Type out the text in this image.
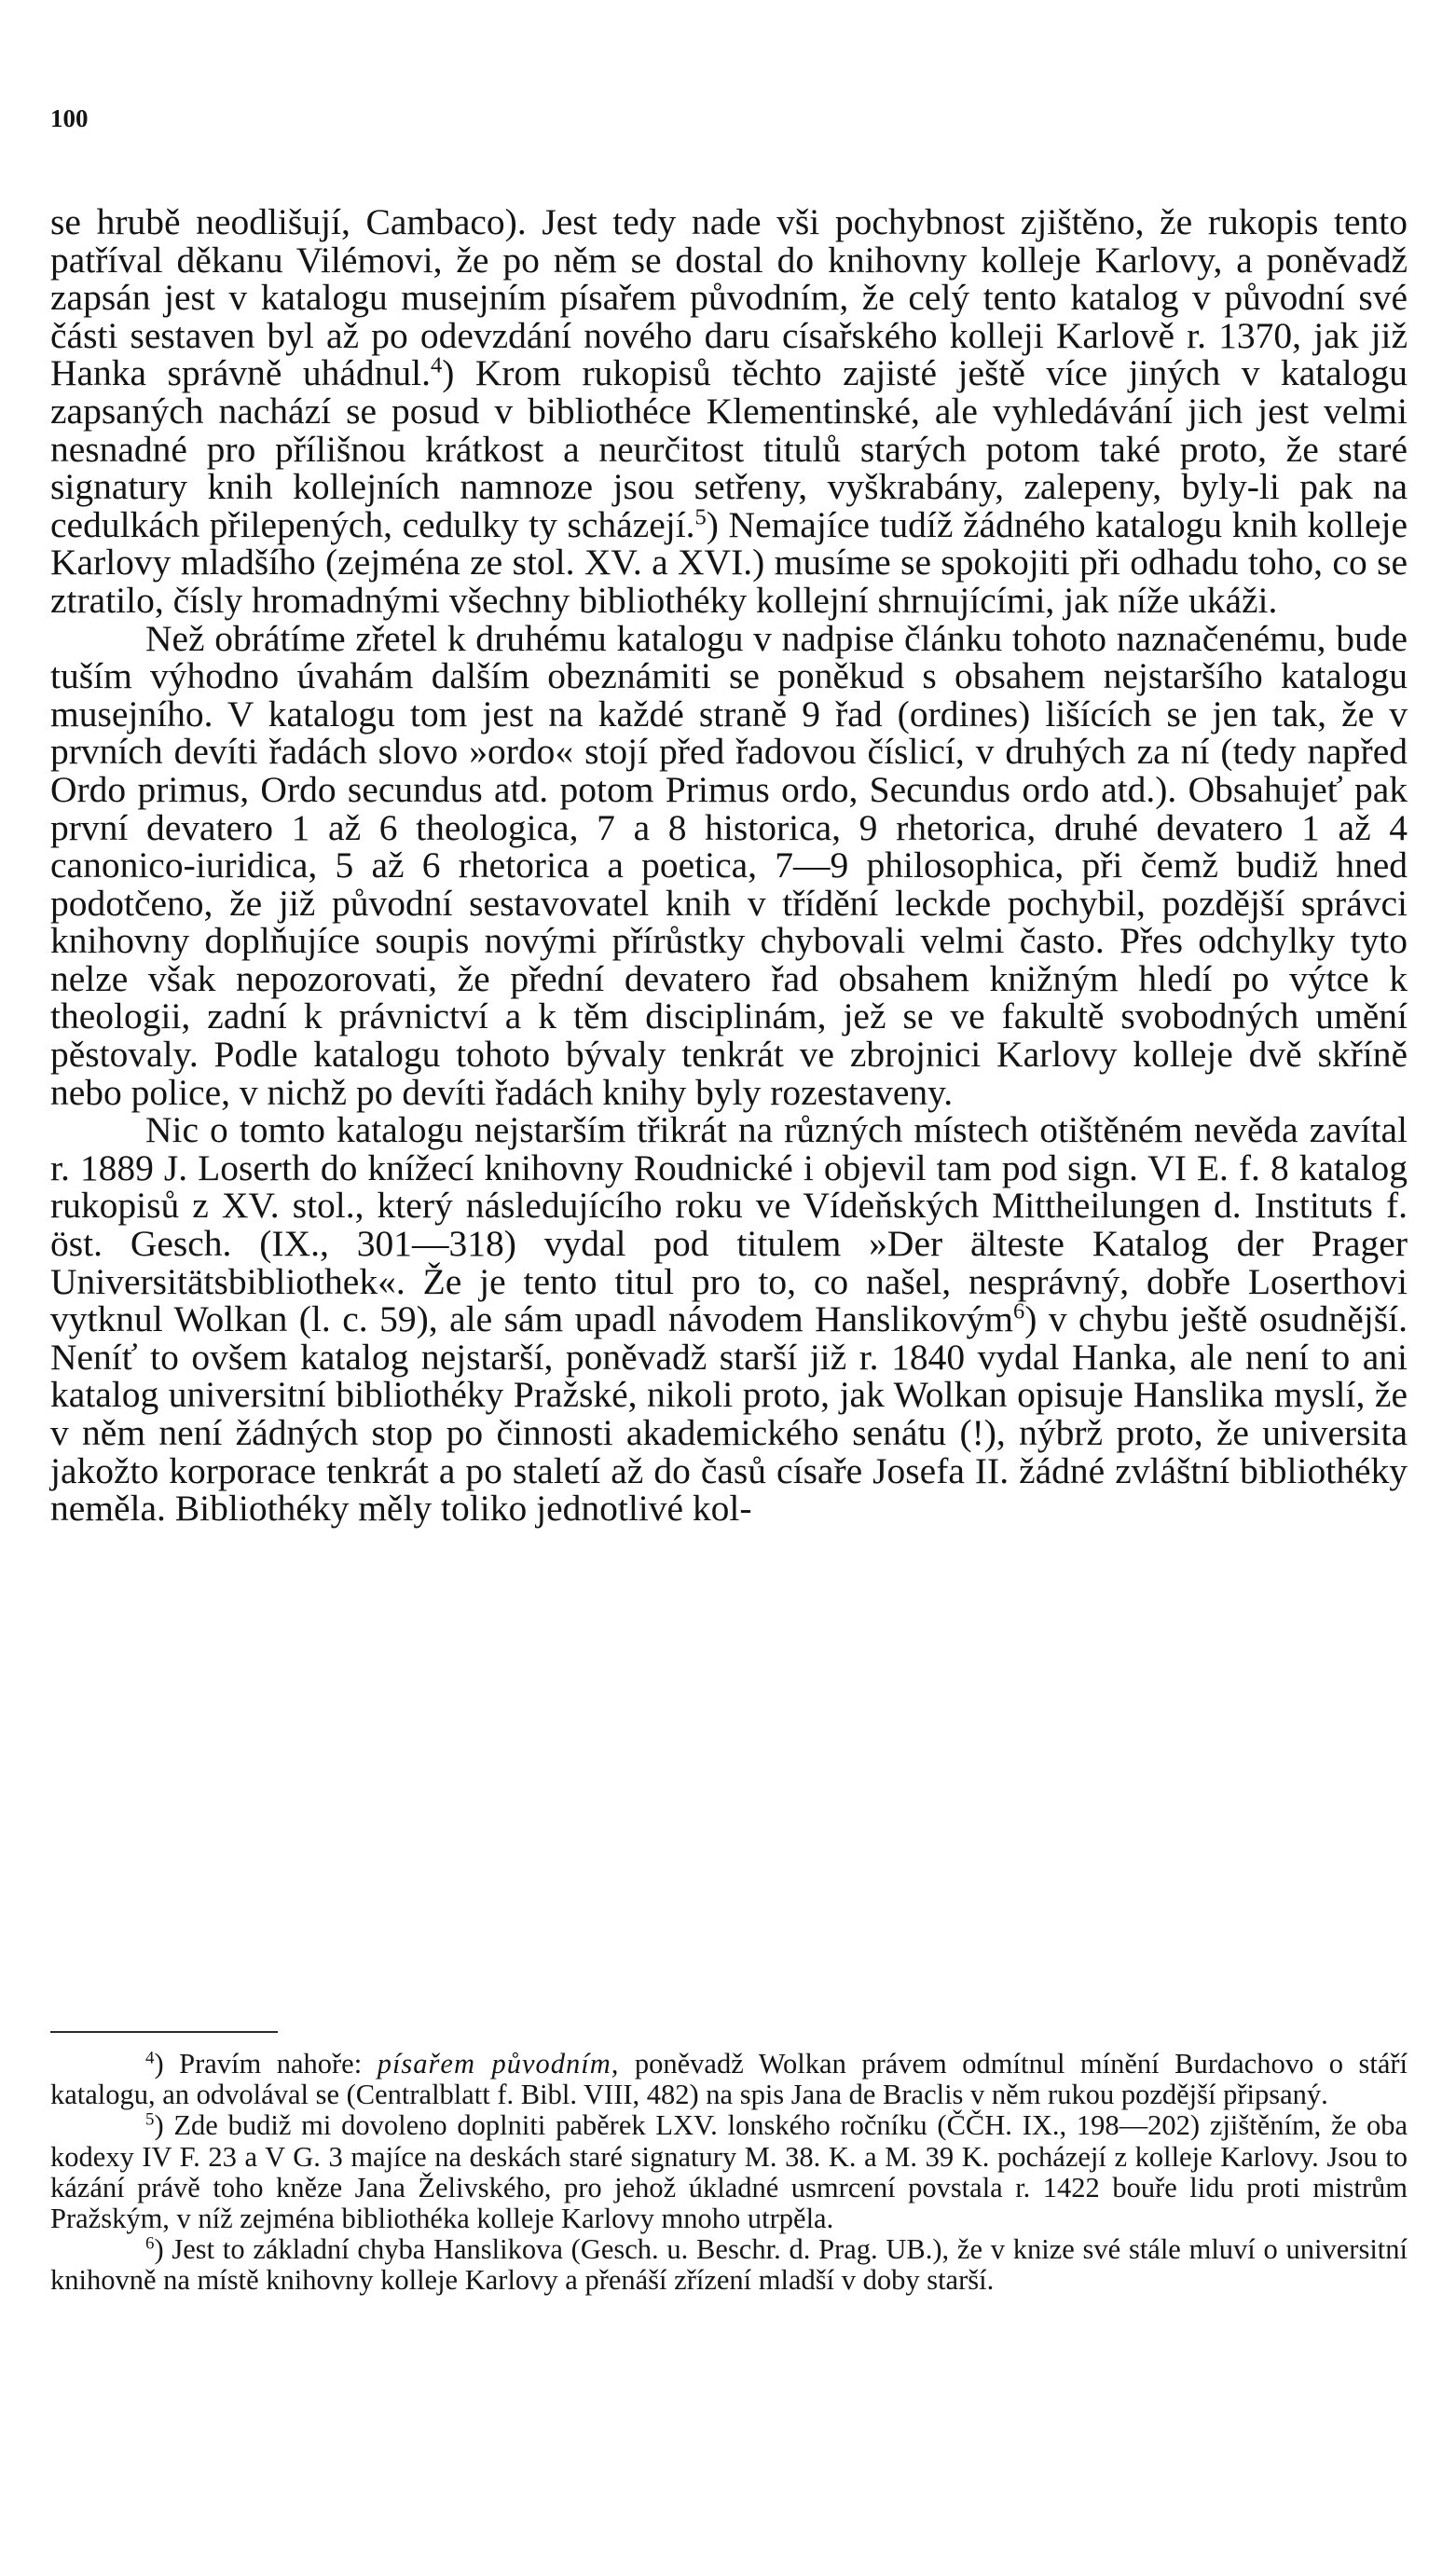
100

se hrubě neodlišují, Cambaco). Jest tedy nade vši pochybnost zjištěno, že rukopis tento patříval děkanu Vilémovi, že po něm se dostal do knihovny kolleje Karlovy, a poněvadž zapsán jest v katalogu musejním písařem původním, že celý tento katalog v původní své části sestaven byl až po odevzdání nového daru císařského kolleji Karlově r. 1370, jak již Hanka správně uhádnul.$^4$) Krom rukopisů těchto zajisté ještě více jiných v katalogu zapsaných nachází se posud v bibliothéce Klementinské, ale vyhledávání jich jest velmi nesnadné pro přílišnou krátkost a neurčitost titulů starých potom také proto, že staré signatury knih kollejních namnoze jsou setřeny, vyškrabány, zalepeny, byly-li pak na cedulkách přilepených, cedulky ty scházejí.$^5$) Nemajíce tudíž žádného katalogu knih kolleje Karlovy mladšího (zejména ze stol. XV. a XVI.) musíme se spokojiti při odhadu toho, co se ztratilo, čísly hromadnými všechny bibliothéky kollejní shrnujícími, jak níže ukáži.

Než obrátíme zřetel k druhému katalogu v nadpise článku tohoto naznačenému, bude tuším výhodno úvahám dalším obeznámiti se poněkud s obsahem nejstaršího katalogu musejního. V katalogu tom jest na každé straně 9 řad (ordines) lišících se jen tak, že v prvních devíti řadách slovo »ordo« stojí před řadovou číslicí, v druhých za ní (tedy napřed Ordo primus, Ordo secundus atd. potom Primus ordo, Secundus ordo atd.). Obsahujeť pak první devatero 1 až 6 theologica, 7 a 8 historica, 9 rhetorica, druhé devatero 1 až 4 canonico-iuridica, 5 až 6 rhetorica a poetica, 7—9 philosophica, při čemž budiž hned podotčeno, že již původní sestavovatel knih v třídění leckde pochybil, pozdější správci knihovny doplňujíce soupis novými přírůstky chybovali velmi často. Přes odchylky tyto nelze však nepozorovati, že přední devatero řad obsahem knižným hledí po výtce k theologii, zadní k právnictví a k těm disciplinám, jež se ve fakultě svobodných umění pěstovaly. Podle katalogu tohoto bývaly tenkrát ve zbrojnici Karlovy kolleje dvě skříně nebo police, v nichž po devíti řadách knihy byly rozestaveny.

Nic o tomto katalogu nejstarším třikrát na různých místech otištěném nevěda zavítal r. 1889 J. Loserth do knížecí knihovny Roudnické i objevil tam pod sign. VI E. f. 8 katalog rukopisů z XV. stol., který následujícího roku ve Vídeňských Mittheilungen d. Instituts f. öst. Gesch. (IX., 301—318) vydal pod titulem »Der älteste Katalog der Prager Universitätsbibliothek«. Že je tento titul pro to, co našel, nesprávný, dobře Loserthovi vytknul Wolkan (l. c. 59), ale sám upadl návodem Hanslikovým$^6$) v chybu ještě osudnější. Neníť to ovšem katalog nejstarší, poněvadž starší již r. 1840 vydal Hanka, ale není to ani katalog universitní bibliothéky Pražské, nikoli proto, jak Wolkan opisuje Hanslika myslí, že v něm není žádných stop po činnosti akademického senátu (!), nýbrž proto, že universita jakožto korporace tenkrát a po staletí až do časů císaře Josefa II. žádné zvláštní bibliothéky neměla. Bibliothéky měly toliko jednotlivé kol-

$^4$) Pravím nahoře: písařem původním, poněvadž Wolkan právem odmítnul mínění Burdachovo o stáří katalogu, an odvolával se (Centralblatt f. Bibl. VIII, 482) na spis Jana de Braclis v něm rukou pozdější připsaný.

$^5$) Zde budiž mi dovoleno doplniti paběrek LXV. lonského ročníku (ČČH. IX., 198—202) zjištěním, že oba kodexy IV F. 23 a V G. 3 majíce na deskách staré signatury M. 38. K. a M. 39 K. pocházejí z kolleje Karlovy. Jsou to kázání právě toho kněze Jana Želivského, pro jehož úkladné usmrcení povstala r. 1422 bouře lidu proti mistrům Pražským, v níž zejména bibliothéka kolleje Karlovy mnoho utrpěla.

$^6$) Jest to základní chyba Hanslikova (Gesch. u. Beschr. d. Prag. UB.), že v knize své stále mluví o universitní knihovně na místě knihovny kolleje Karlovy a přenáší zřízení mladší v doby starší.
